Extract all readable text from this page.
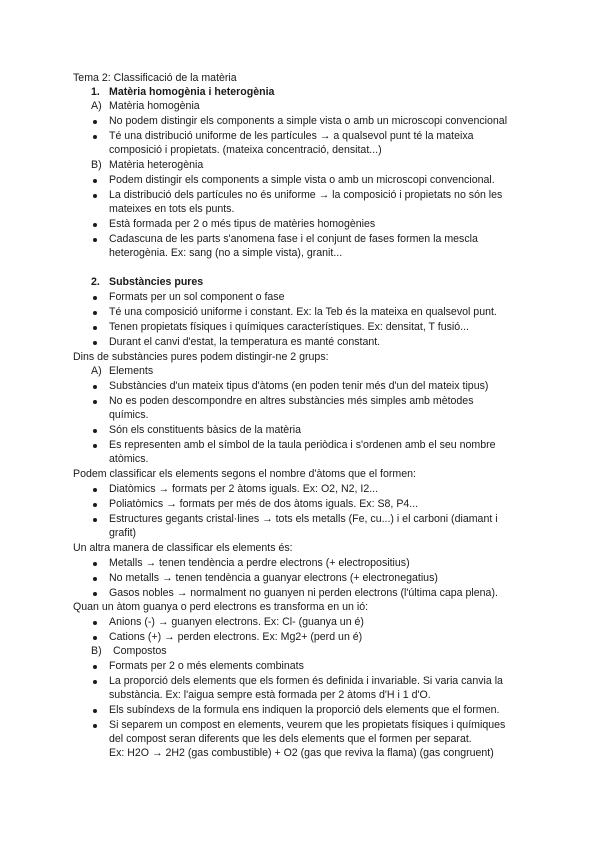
Tema 2: Classificació de la matèria
1. Matèria homogènia i heterogènia
A) Matèria homogènia
No podem distingir els components a simple vista o amb un microscopi convencional
Té una distribució uniforme de les partícules → a qualsevol punt té la mateixa
composició i propietats. (mateixa concentració, densitat...)
B) Matèria heterogènia
Podem distingir els components a simple vista o amb un microscopi convencional.
La distribució dels partícules no és uniforme → la composició i propietats no són les
mateixes en tots els punts.
Està formada per 2 o més tipus de matèries homogènies
Cadascuna de les parts s'anomena fase i el conjunt de fases formen la mescla
heterogènia. Ex: sang (no a simple vista), granit...
2. Substàncies pures
Formats per un sol component o fase
Té una composició uniforme i constant. Ex: la Teb és la mateixa en qualsevol punt.
Tenen propietats físiques i químiques característiques. Ex: densitat, T fusió...
Durant el canvi d'estat, la temperatura es manté constant.
Dins de substàncies pures podem distingir-ne 2 grups:
A) Elements
Substàncies d'un mateix tipus d'àtoms (en poden tenir més d'un del mateix tipus)
No es poden descompondre en altres substàncies més simples amb mètodes
químics.
Són els constituents bàsics de la matèria
Es representen amb el símbol de la taula periòdica i s'ordenen amb el seu nombre
atòmics.
Podem classificar els elements segons el nombre d'àtoms que el formen:
Diatòmics → formats per 2 àtoms iguals. Ex: O2, N2, I2...
Poliatòmics → formats per més de dos àtoms iguals. Ex: S8, P4...
Estructures gegants cristal·lines → tots els metalls (Fe, cu...) i el carboni (diamant i
grafit)
Un altra manera de classificar els elements és:
Metalls → tenen tendència a perdre electrons (+ electropositius)
No metalls → tenen tendència a guanyar electrons (+ electronegatius)
Gasos nobles → normalment no guanyen ni perden electrons (l'última capa plena).
Quan un àtom guanya o perd electrons es transforma en un ió:
Anions (-) → guanyen electrons. Ex: Cl- (guanya un é)
Cations (+) → perden electrons. Ex: Mg2+ (perd un é)
B) Compostos
Formats per 2 o més elements combinats
La proporció dels elements que els formen és definida i invariable. Si varia canvia la
substància. Ex: l'aigua sempre està formada per 2 àtoms d'H i 1 d'O.
Els subíndexs de la formula ens indiquen la proporció dels elements que el formen.
Si separem un compost en elements, veurem que les propietats físiques i químiques
del compost seran diferents que les dels elements que el formen per separat.
Ex: H2O → 2H2 (gas combustible) + O2 (gas que reviva la flama) (gas congruent)
